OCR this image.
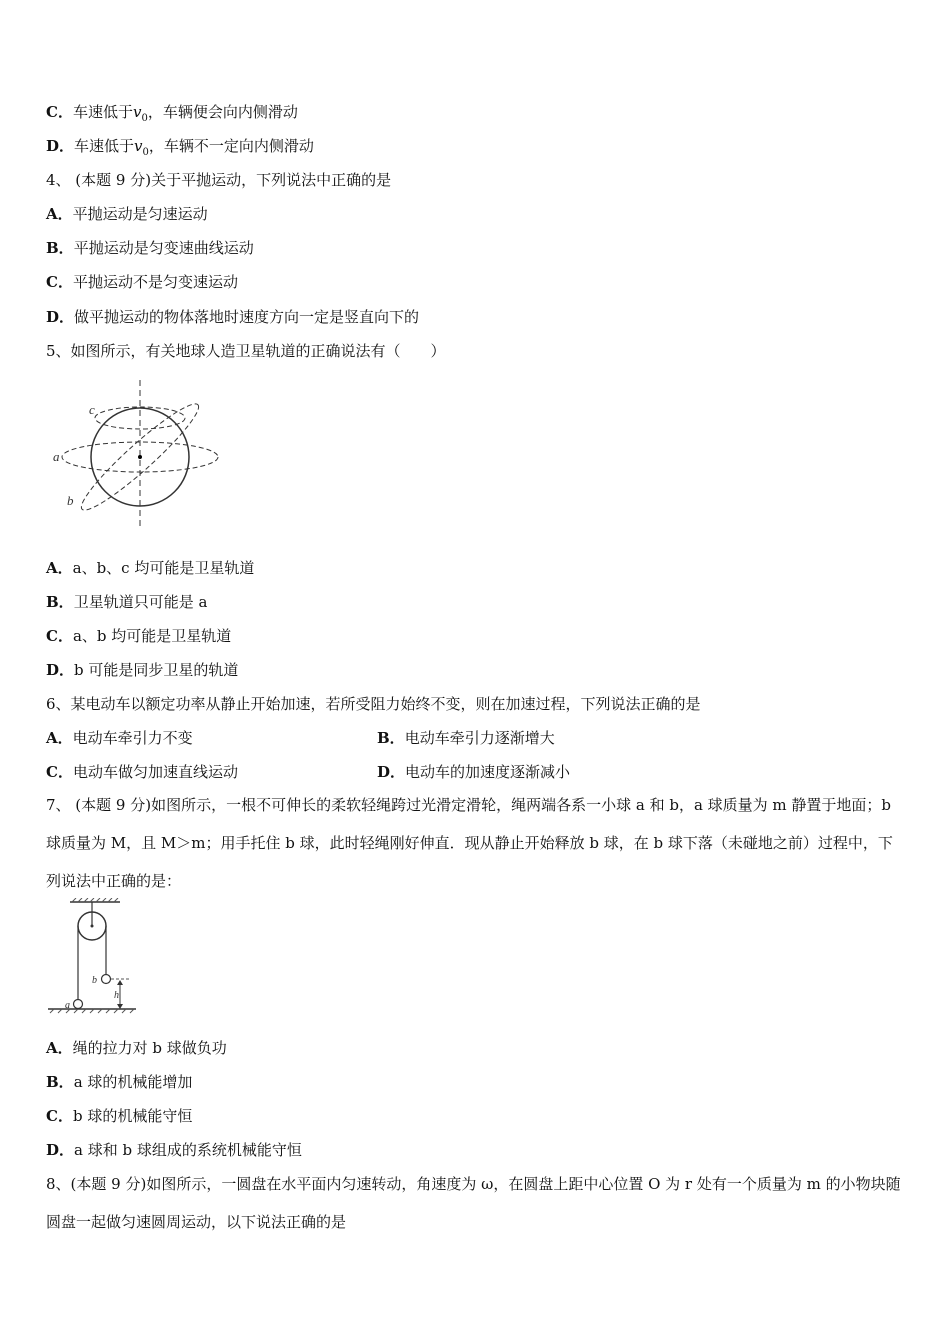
C．车速低于$v_0$，车辆便会向内侧滑动
D．车速低于$v_0$，车辆不一定向内侧滑动
4、 (本题 9 分)关于平抛运动，下列说法中正确的是
A．平抛运动是匀速运动
B．平抛运动是匀变速曲线运动
C．平抛运动不是匀变速运动
D．做平抛运动的物体落地时速度方向一定是竖直向下的
5、如图所示，有关地球人造卫星轨道的正确说法有（　　）
c
a
b
A．a、b、c 均可能是卫星轨道
B．卫星轨道只可能是 a
C．a、b 均可能是卫星轨道
D．b 可能是同步卫星的轨道
6、某电动车以额定功率从静止开始加速，若所受阻力始终不变，则在加速过程，下列说法正确的是
A．电动车牵引力不变	B．电动车牵引力逐渐增大
C．电动车做匀加速直线运动	D．电动车的加速度逐渐减小
7、 (本题 9 分)如图所示，一根不可伸长的柔软轻绳跨过光滑定滑轮，绳两端各系一小球 a 和 b，a 球质量为 m 静置于地面；b 球质量为 M，且 M＞m；用手托住 b 球，此时轻绳刚好伸直．现从静止开始释放 b 球，在 b 球下落（未碰地之前）过程中，下列说法中正确的是：
b
a
h
A．绳的拉力对 b 球做负功
B．a 球的机械能增加
C．b 球的机械能守恒
D．a 球和 b 球组成的系统机械能守恒
8、(本题 9 分)如图所示，一圆盘在水平面内匀速转动，角速度为 ω，在圆盘上距中心位置 O 为 r 处有一个质量为 m 的小物块随圆盘一起做匀速圆周运动，以下说法正确的是
